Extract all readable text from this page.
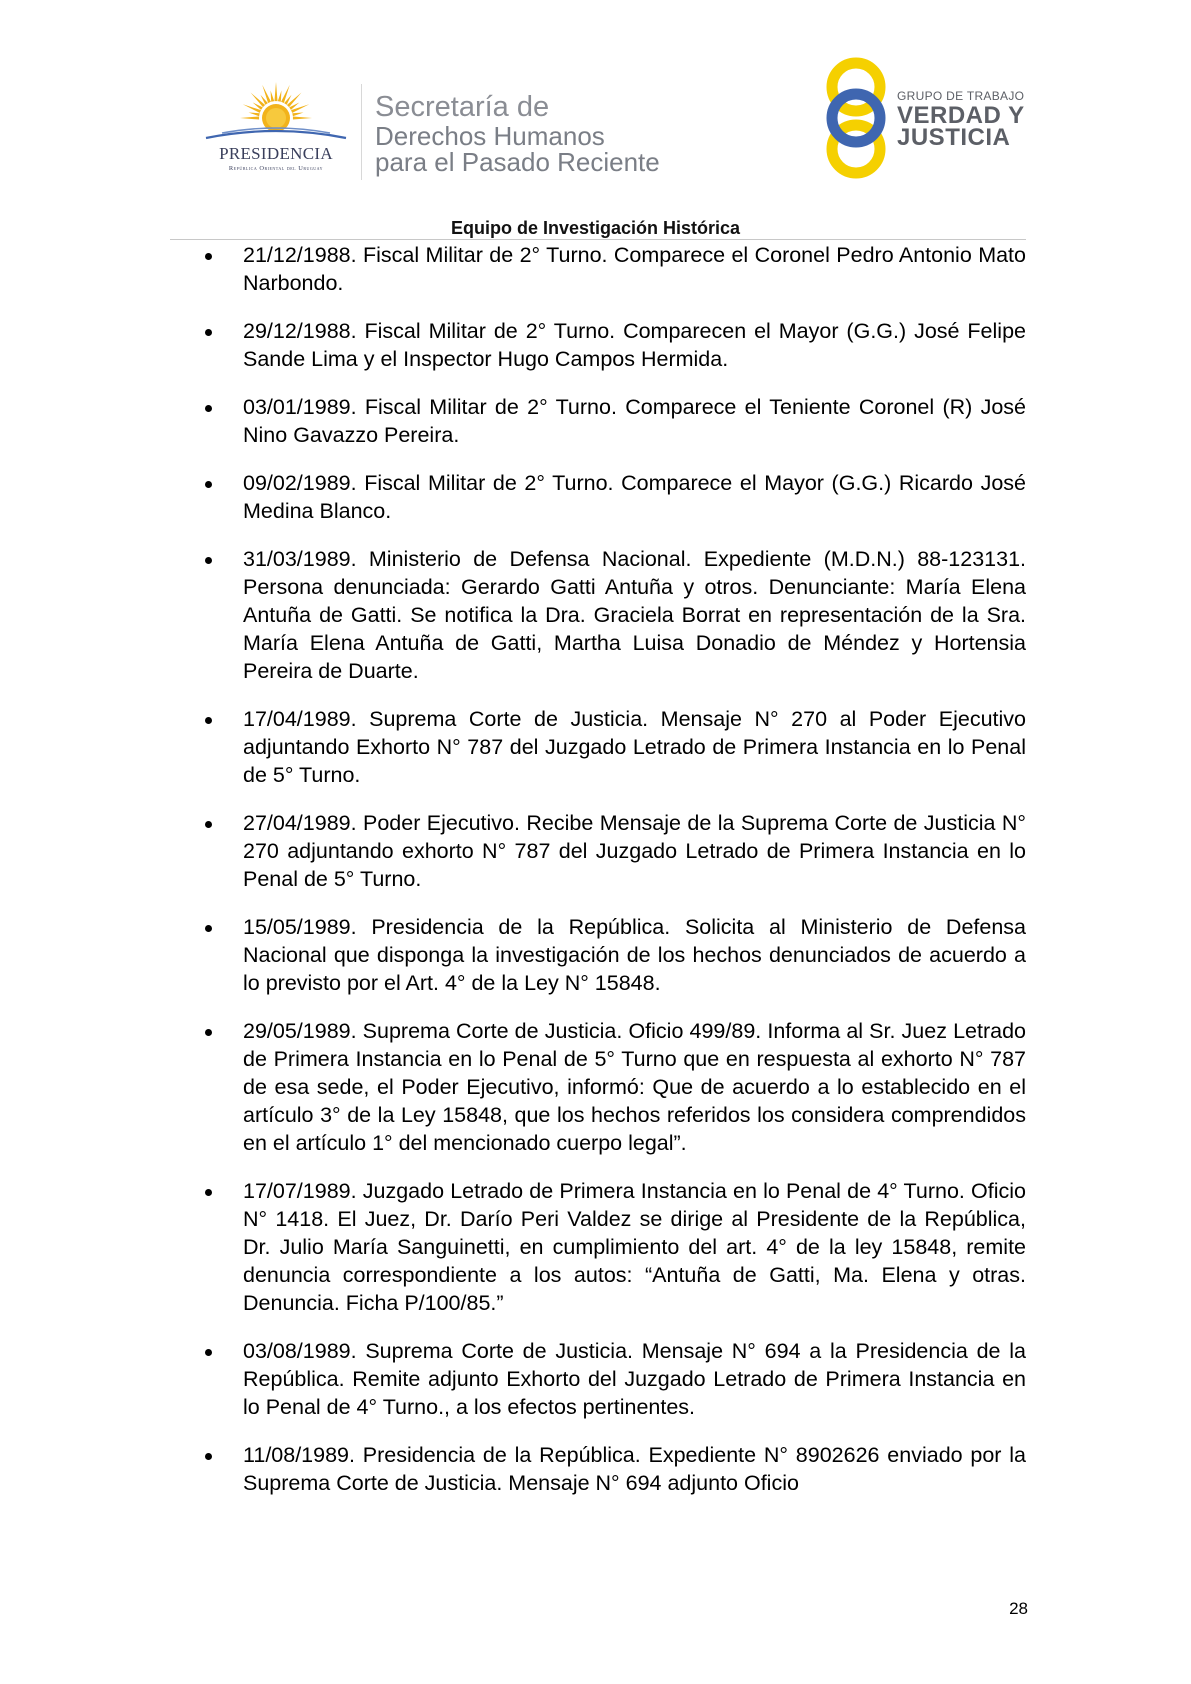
PRESIDENCIA
República Oriental del Uruguay
Secretaría de
Derechos Humanos
para el Pasado Reciente
GRUPO DE TRABAJO
VERDAD Y
JUSTICIA
Equipo de Investigación Histórica
21/12/1988. Fiscal Militar de 2° Turno. Comparece el Coronel Pedro Antonio Mato Narbondo.
29/12/1988. Fiscal Militar de 2° Turno. Comparecen el Mayor (G.G.) José Felipe Sande Lima y el Inspector Hugo Campos Hermida.
03/01/1989. Fiscal Militar de 2° Turno. Comparece el Teniente Coronel (R) José Nino Gavazzo Pereira.
09/02/1989. Fiscal Militar de 2° Turno. Comparece el Mayor (G.G.) Ricardo José Medina Blanco.
31/03/1989. Ministerio de Defensa Nacional. Expediente (M.D.N.) 88-123131. Persona denunciada: Gerardo Gatti Antuña y otros. Denunciante: María Elena Antuña de Gatti. Se notifica la Dra. Graciela Borrat en representación de la Sra. María Elena Antuña de Gatti, Martha Luisa Donadio de Méndez y Hortensia Pereira de Duarte.
17/04/1989. Suprema Corte de Justicia. Mensaje N° 270 al Poder Ejecutivo adjuntando Exhorto N° 787 del Juzgado Letrado de Primera Instancia en lo Penal de 5° Turno.
27/04/1989. Poder Ejecutivo. Recibe Mensaje de la Suprema Corte de Justicia N° 270 adjuntando exhorto N° 787 del Juzgado Letrado de Primera Instancia en lo Penal de 5° Turno.
15/05/1989. Presidencia de la República. Solicita al Ministerio de Defensa Nacional que disponga la investigación de los hechos denunciados de acuerdo a lo previsto por el Art. 4° de la Ley N° 15848.
29/05/1989. Suprema Corte de Justicia. Oficio 499/89. Informa al Sr. Juez Letrado de Primera Instancia en lo Penal de 5° Turno que en respuesta al exhorto N° 787 de esa sede, el Poder Ejecutivo, informó: Que de acuerdo a lo establecido en el artículo 3° de la Ley 15848, que los hechos referidos los considera comprendidos en el artículo 1° del mencionado cuerpo legal”.
17/07/1989. Juzgado Letrado de Primera Instancia en lo Penal de 4° Turno. Oficio N° 1418. El Juez, Dr. Darío Peri Valdez se dirige al Presidente de la República, Dr. Julio María Sanguinetti, en cumplimiento del art. 4° de la ley 15848, remite denuncia correspondiente a los autos: “Antuña de Gatti, Ma. Elena y otras. Denuncia. Ficha P/100/85.”
03/08/1989. Suprema Corte de Justicia. Mensaje N° 694 a la Presidencia de la República. Remite adjunto Exhorto del Juzgado Letrado de Primera Instancia en lo Penal de 4° Turno., a los efectos pertinentes.
11/08/1989. Presidencia de la República. Expediente N° 8902626 enviado por la Suprema Corte de Justicia. Mensaje N° 694 adjunto Oficio
28
